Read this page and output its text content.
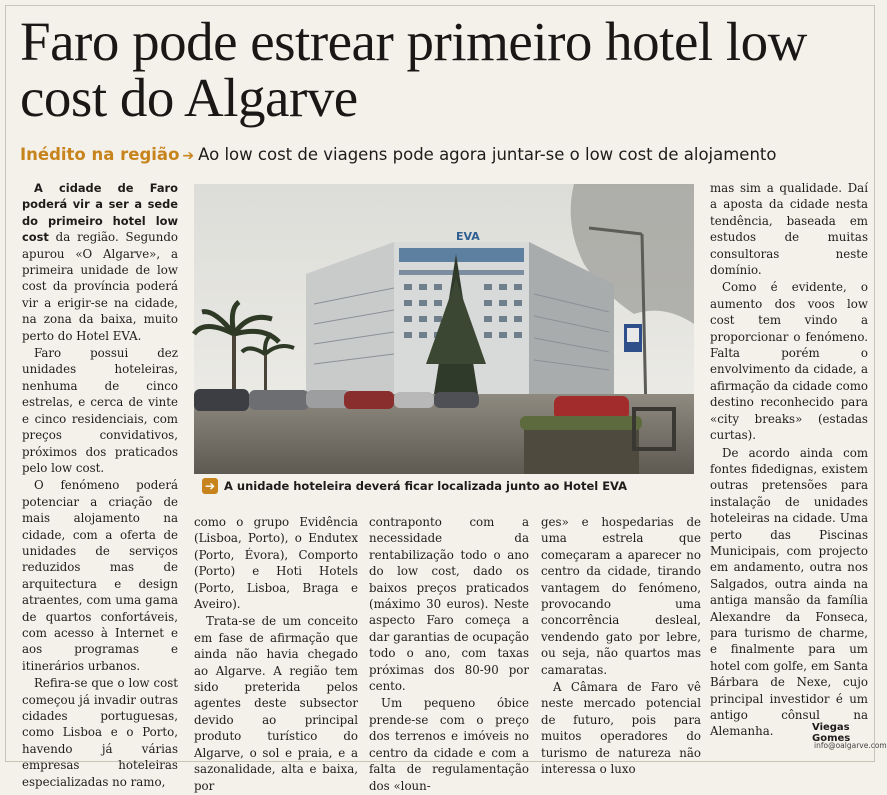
Faro pode estrear primeiro hotel low cost do Algarve
Inédito na região ➔ Ao low cost de viagens pode agora juntar-se o low cost de alojamento

A cidade de Faro poderá vir a ser a sede do primeiro hotel low cost da região. Segundo apurou «O Algarve», a primeira unidade de low cost da província poderá vir a erigir-se na cidade, na zona da baixa, muito perto do Hotel EVA.

Faro possui dez unidades hoteleiras, nenhuma de cinco estrelas, e cerca de vinte e cinco residenciais, com preços convidativos, próximos dos praticados pelo low cost.

O fenómeno poderá potenciar a criação de mais alojamento na cidade, com a oferta de unidades de serviços reduzidos mas de arquitectura e design atraentes, com uma gama de quartos confortáveis, com acesso à Internet e aos programas e itinerários urbanos.

Refira-se que o low cost começou já invadir outras cidades portuguesas, como Lisboa e o Porto, havendo já várias empresas hoteleiras especializadas no ramo,

EVA
➔ A unidade hoteleira deverá ficar localizada junto ao Hotel EVA

como o grupo Evidência (Lisboa, Porto), o Endutex (Porto, Évora), Comporto (Porto) e Hoti Hotels (Porto, Lisboa, Braga e Aveiro).

Trata-se de um conceito em fase de afirmação que ainda não havia chegado ao Algarve. A região tem sido preterida pelos agentes deste subsector devido ao principal produto turístico do Algarve, o sol e praia, e a sazonalidade, alta e baixa, por

contraponto com a necessidade da rentabilização todo o ano do low cost, dado os baixos preços praticados (máximo 30 euros). Neste aspecto Faro começa a dar garantias de ocupação todo o ano, com taxas próximas dos 80-90 por cento.

Um pequeno óbice prende-se com o preço dos terrenos e imóveis no centro da cidade e com a falta de regulamentação dos «loun-

ges» e hospedarias de uma estrela que começaram a aparecer no centro da cidade, tirando vantagem do fenómeno, provocando uma concorrência desleal, vendendo gato por lebre, ou seja, não quartos mas camaratas.

A Câmara de Faro vê neste mercado potencial de futuro, pois para muitos operadores do turismo de natureza não interessa o luxo

mas sim a qualidade. Daí a aposta da cidade nesta tendência, baseada em estudos de muitas consultoras neste domínio.

Como é evidente, o aumento dos voos low cost tem vindo a proporcionar o fenómeno. Falta porém o envolvimento da cidade, a afirmação da cidade como destino reconhecido para «city breaks» (estadas curtas).

De acordo ainda com fontes fidedignas, existem outras pretensões para instalação de unidades hoteleiras na cidade. Uma perto das Piscinas Municipais, com projecto em andamento, outra nos Salgados, outra ainda na antiga mansão da família Alexandre da Fonseca, para turismo de charme, e finalmente para um hotel com golfe, em Santa Bárbara de Nexe, cujo principal investidor é um antigo cônsul na Alemanha.	Viegas Gomes
info@oalgarve.com
